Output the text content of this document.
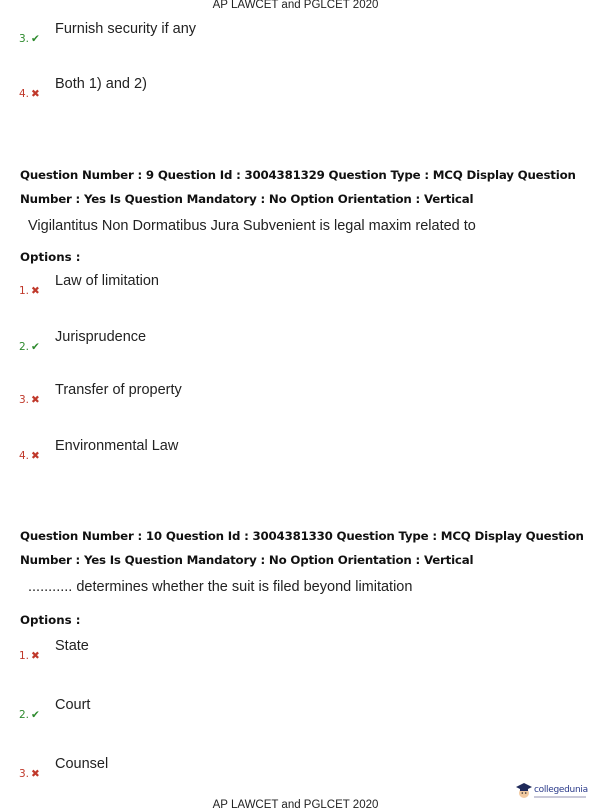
AP LAWCET and PGLCET 2020
3. ✔
Furnish security if any
4. ✖
Both 1) and 2)
Question Number : 9 Question Id : 3004381329 Question Type : MCQ Display Question
Number : Yes Is Question Mandatory : No Option Orientation : Vertical
Vigilantitus Non Dormatibus Jura Subvenient is legal maxim related to
Options :
1. ✖
Law of limitation
2. ✔
Jurisprudence
3. ✖
Transfer of property
4. ✖
Environmental Law
Question Number : 10 Question Id : 3004381330 Question Type : MCQ Display Question
Number : Yes Is Question Mandatory : No Option Orientation : Vertical
........... determines whether the suit is filed beyond limitation
Options :
1. ✖
State
2. ✔
Court
3. ✖
Counsel
collegedunia
AP LAWCET and PGLCET 2020
